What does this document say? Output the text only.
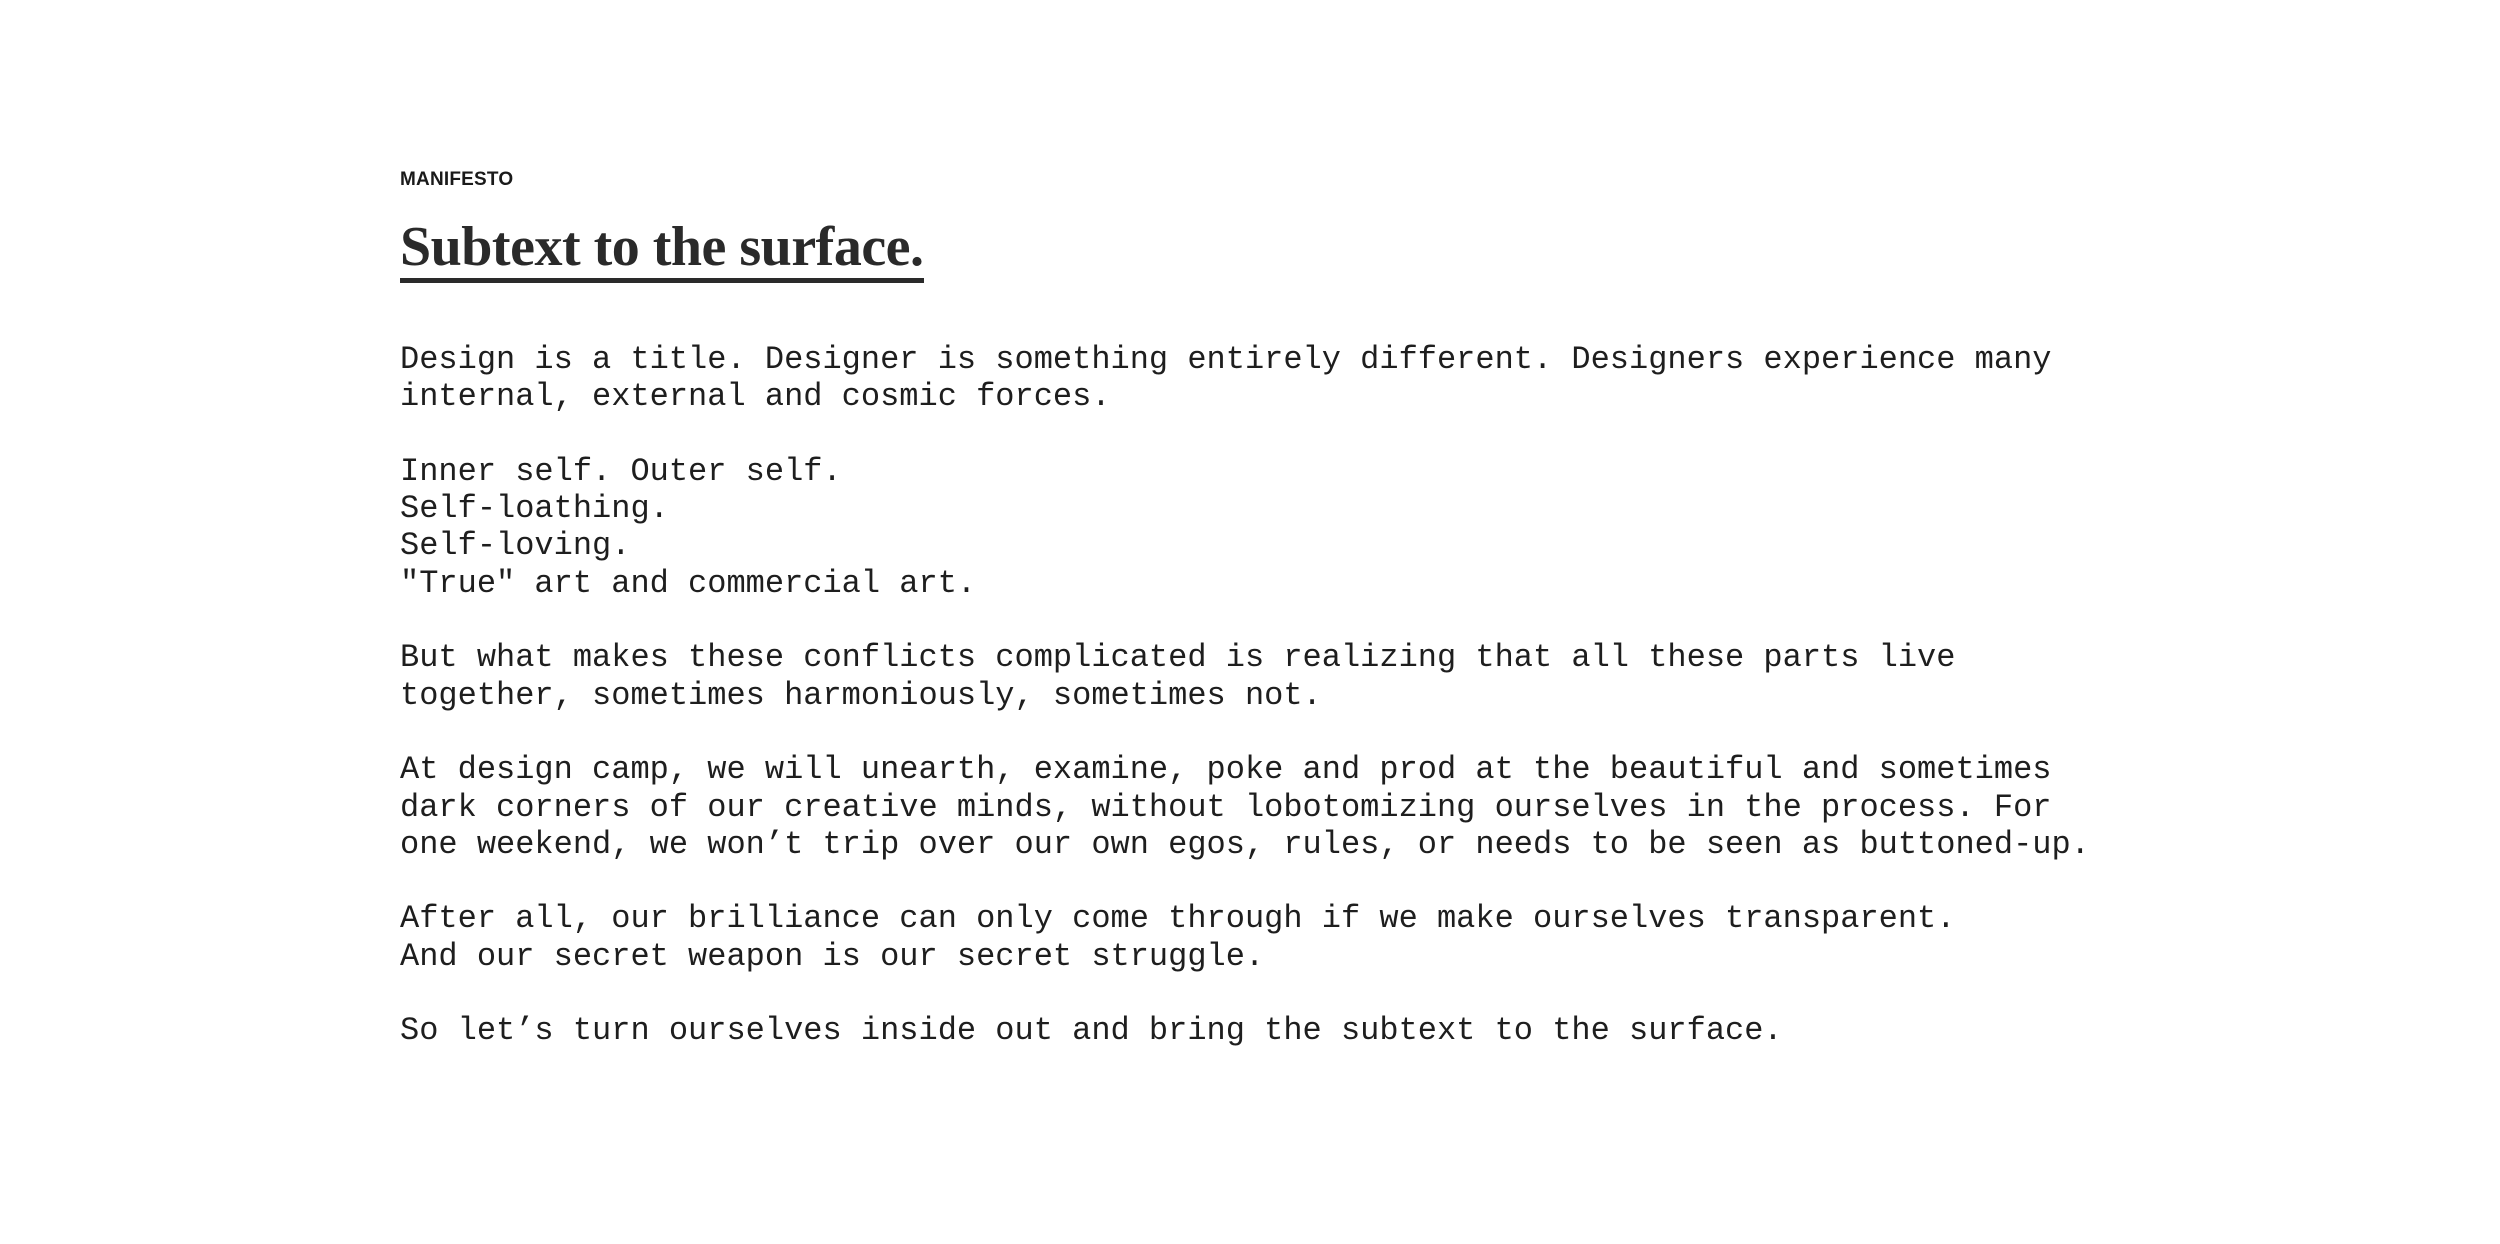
MANIFESTO

Subtext to the surface.

Design is a title. Designer is something entirely different. Designers experience many
internal, external and cosmic forces.

Inner self. Outer self.
Self-loathing.
Self-loving.
"True" art and commercial art.

But what makes these conflicts complicated is realizing that all these parts live
together, sometimes harmoniously, sometimes not.

At design camp, we will unearth, examine, poke and prod at the beautiful and sometimes
dark corners of our creative minds, without lobotomizing ourselves in the process. For
one weekend, we won’t trip over our own egos, rules, or needs to be seen as buttoned-up.

After all, our brilliance can only come through if we make ourselves transparent.
And our secret weapon is our secret struggle.

So let’s turn ourselves inside out and bring the subtext to the surface.
